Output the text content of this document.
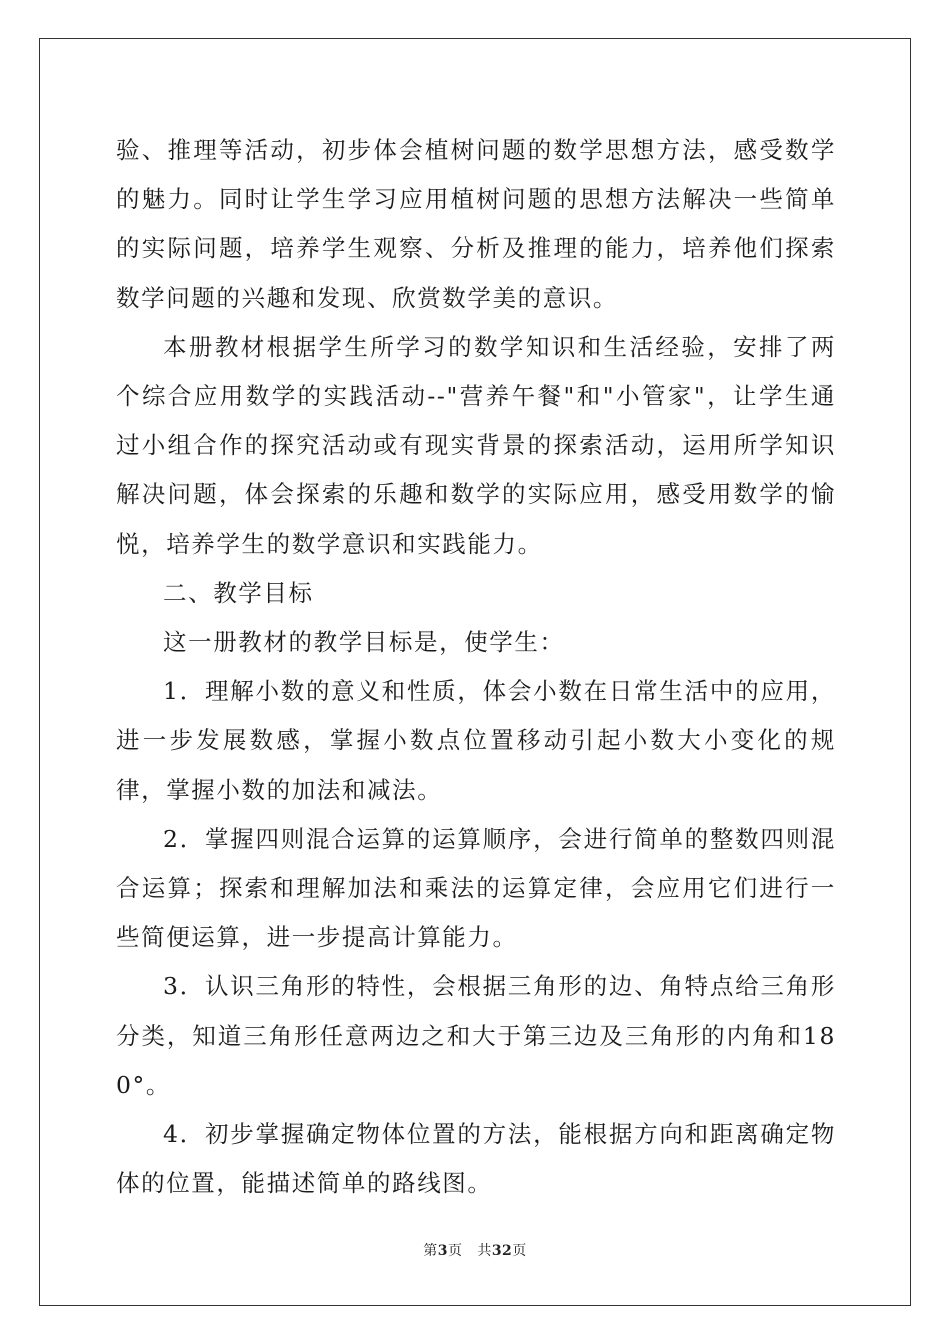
验、推理等活动，初步体会植树问题的数学思想方法，感受数学的魅力。同时让学生学习应用植树问题的思想方法解决一些简单的实际问题，培养学生观察、分析及推理的能力，培养他们探索数学问题的兴趣和发现、欣赏数学美的意识。

本册教材根据学生所学习的数学知识和生活经验，安排了两个综合应用数学的实践活动--"营养午餐"和"小管家"，让学生通过小组合作的探究活动或有现实背景的探索活动，运用所学知识解决问题，体会探索的乐趣和数学的实际应用，感受用数学的愉悦，培养学生的数学意识和实践能力。

二、教学目标

这一册教材的教学目标是，使学生：

1．理解小数的意义和性质，体会小数在日常生活中的应用，进一步发展数感，掌握小数点位置移动引起小数大小变化的规律，掌握小数的加法和减法。

2．掌握四则混合运算的运算顺序，会进行简单的整数四则混合运算；探索和理解加法和乘法的运算定律，会应用它们进行一些简便运算，进一步提高计算能力。

3．认识三角形的特性，会根据三角形的边、角特点给三角形分类，知道三角形任意两边之和大于第三边及三角形的内角和180°。

4．初步掌握确定物体位置的方法，能根据方向和距离确定物体的位置，能描述简单的路线图。

第3页 共32页
